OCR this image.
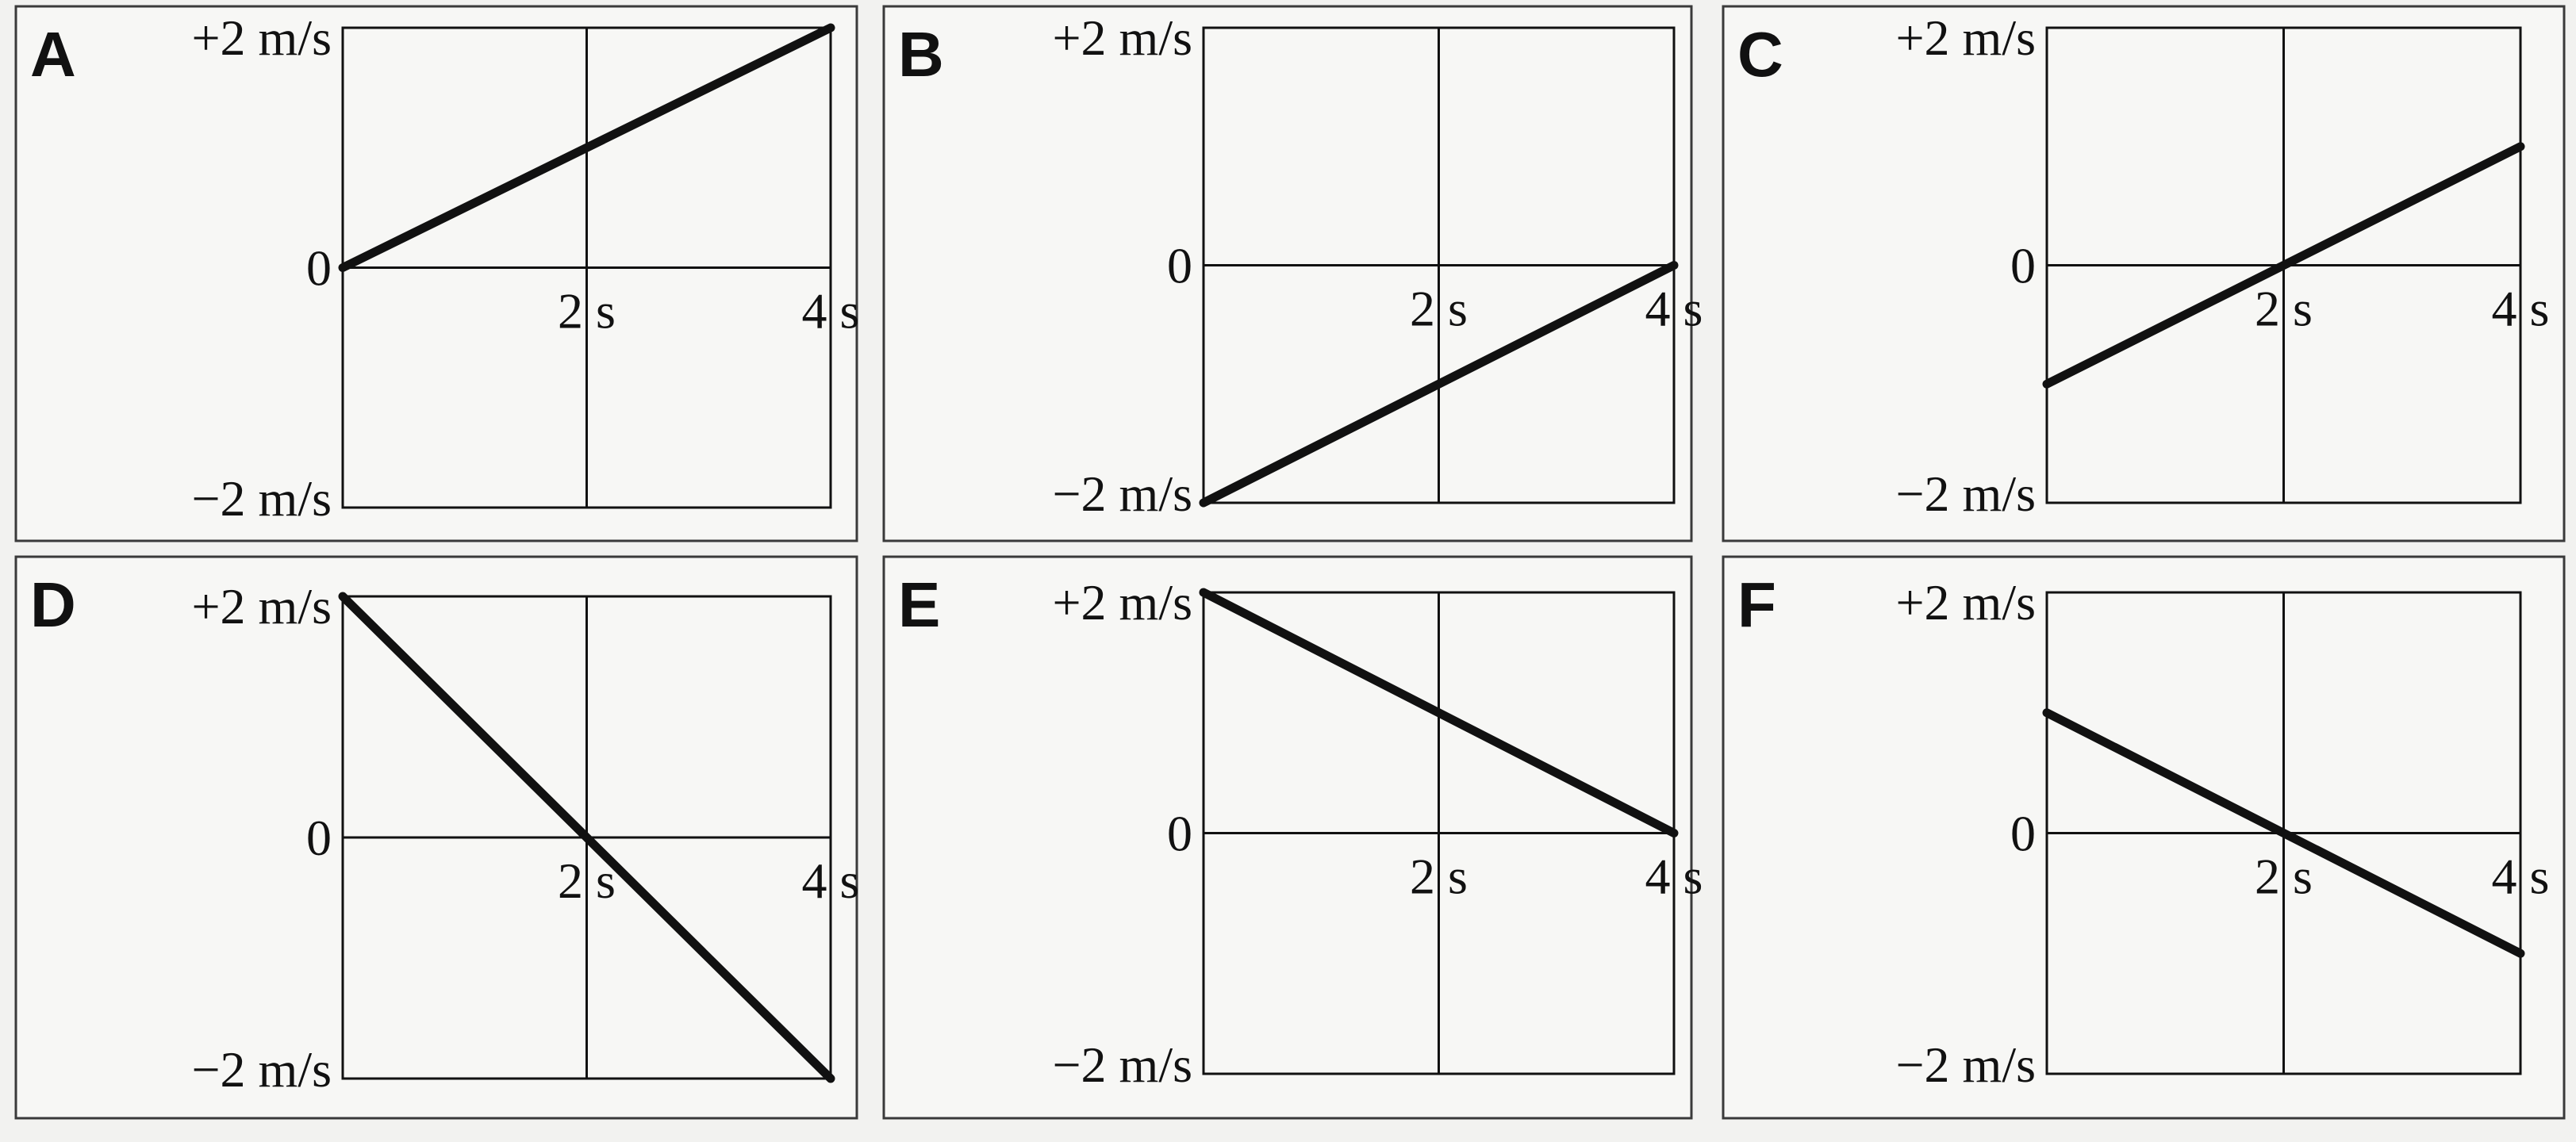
A +2 m/s
0
−2 m/s
2 s	4 s
B +2 m/s
0
−2 m/s
2 s	4 s
C +2 m/s
0
−2 m/s
2 s	4 s
D +2 m/s
0
−2 m/s
2 s	4 s
E +2 m/s
0
−2 m/s
2 s	4 s
F +2 m/s
0
−2 m/s
2 s	4 s
